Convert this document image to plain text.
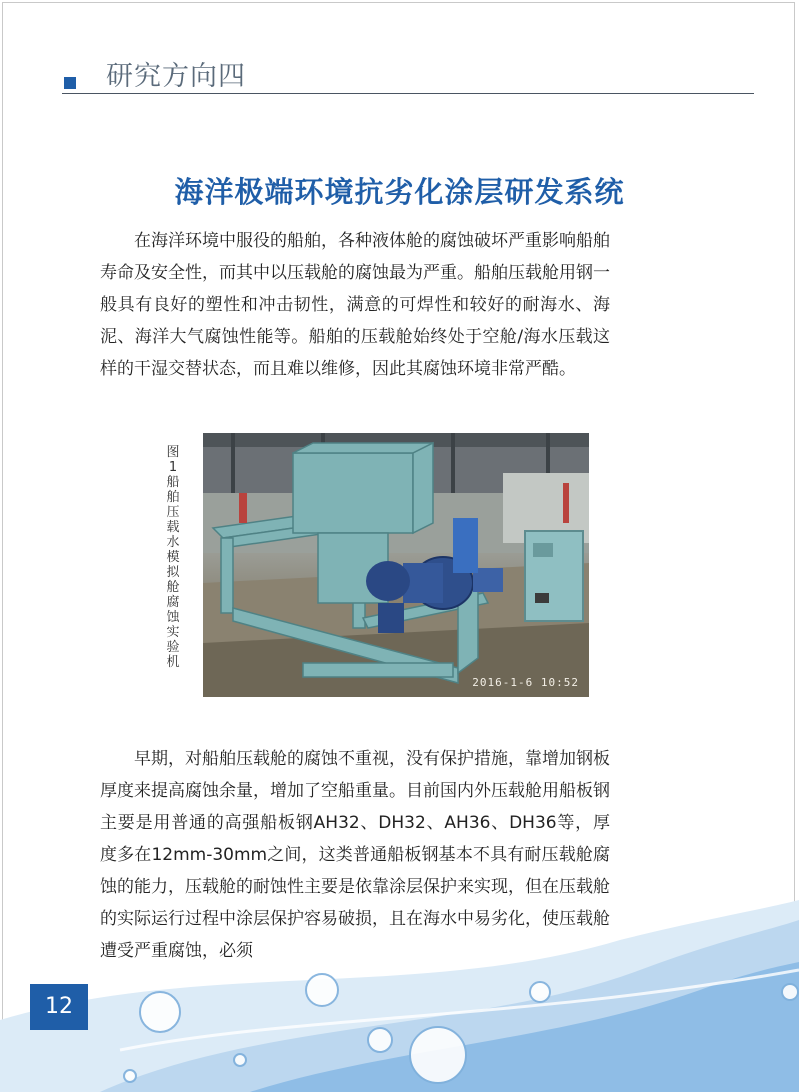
研究方向四
海洋极端环境抗劣化涂层研发系统

在海洋环境中服役的船舶，各种液体舱的腐蚀破坏严重影响船舶寿命及安全性，而其中以压载舱的腐蚀最为严重。船舶压载舱用钢一般具有良好的塑性和冲击韧性，满意的可焊性和较好的耐海水、海泥、海洋大气腐蚀性能等。船舶的压载舱始终处于空舱/海水压载这样的干湿交替状态，而且难以维修，因此其腐蚀环境非常严酷。

图1 船舶压载水模拟舱腐蚀实验机
2016-1-6 10:52

早期，对船舶压载舱的腐蚀不重视，没有保护措施，靠增加钢板厚度来提高腐蚀余量，增加了空船重量。目前国内外压载舱用船板钢主要是用普通的高强船板钢AH32、DH32、AH36、DH36等，厚度多在12mm-30mm之间，这类普通船板钢基本不具有耐压载舱腐蚀的能力，压载舱的耐蚀性主要是依靠涂层保护来实现，但在压载舱的实际运行过程中涂层保护容易破损，且在海水中易劣化，使压载舱遭受严重腐蚀，必须

12
